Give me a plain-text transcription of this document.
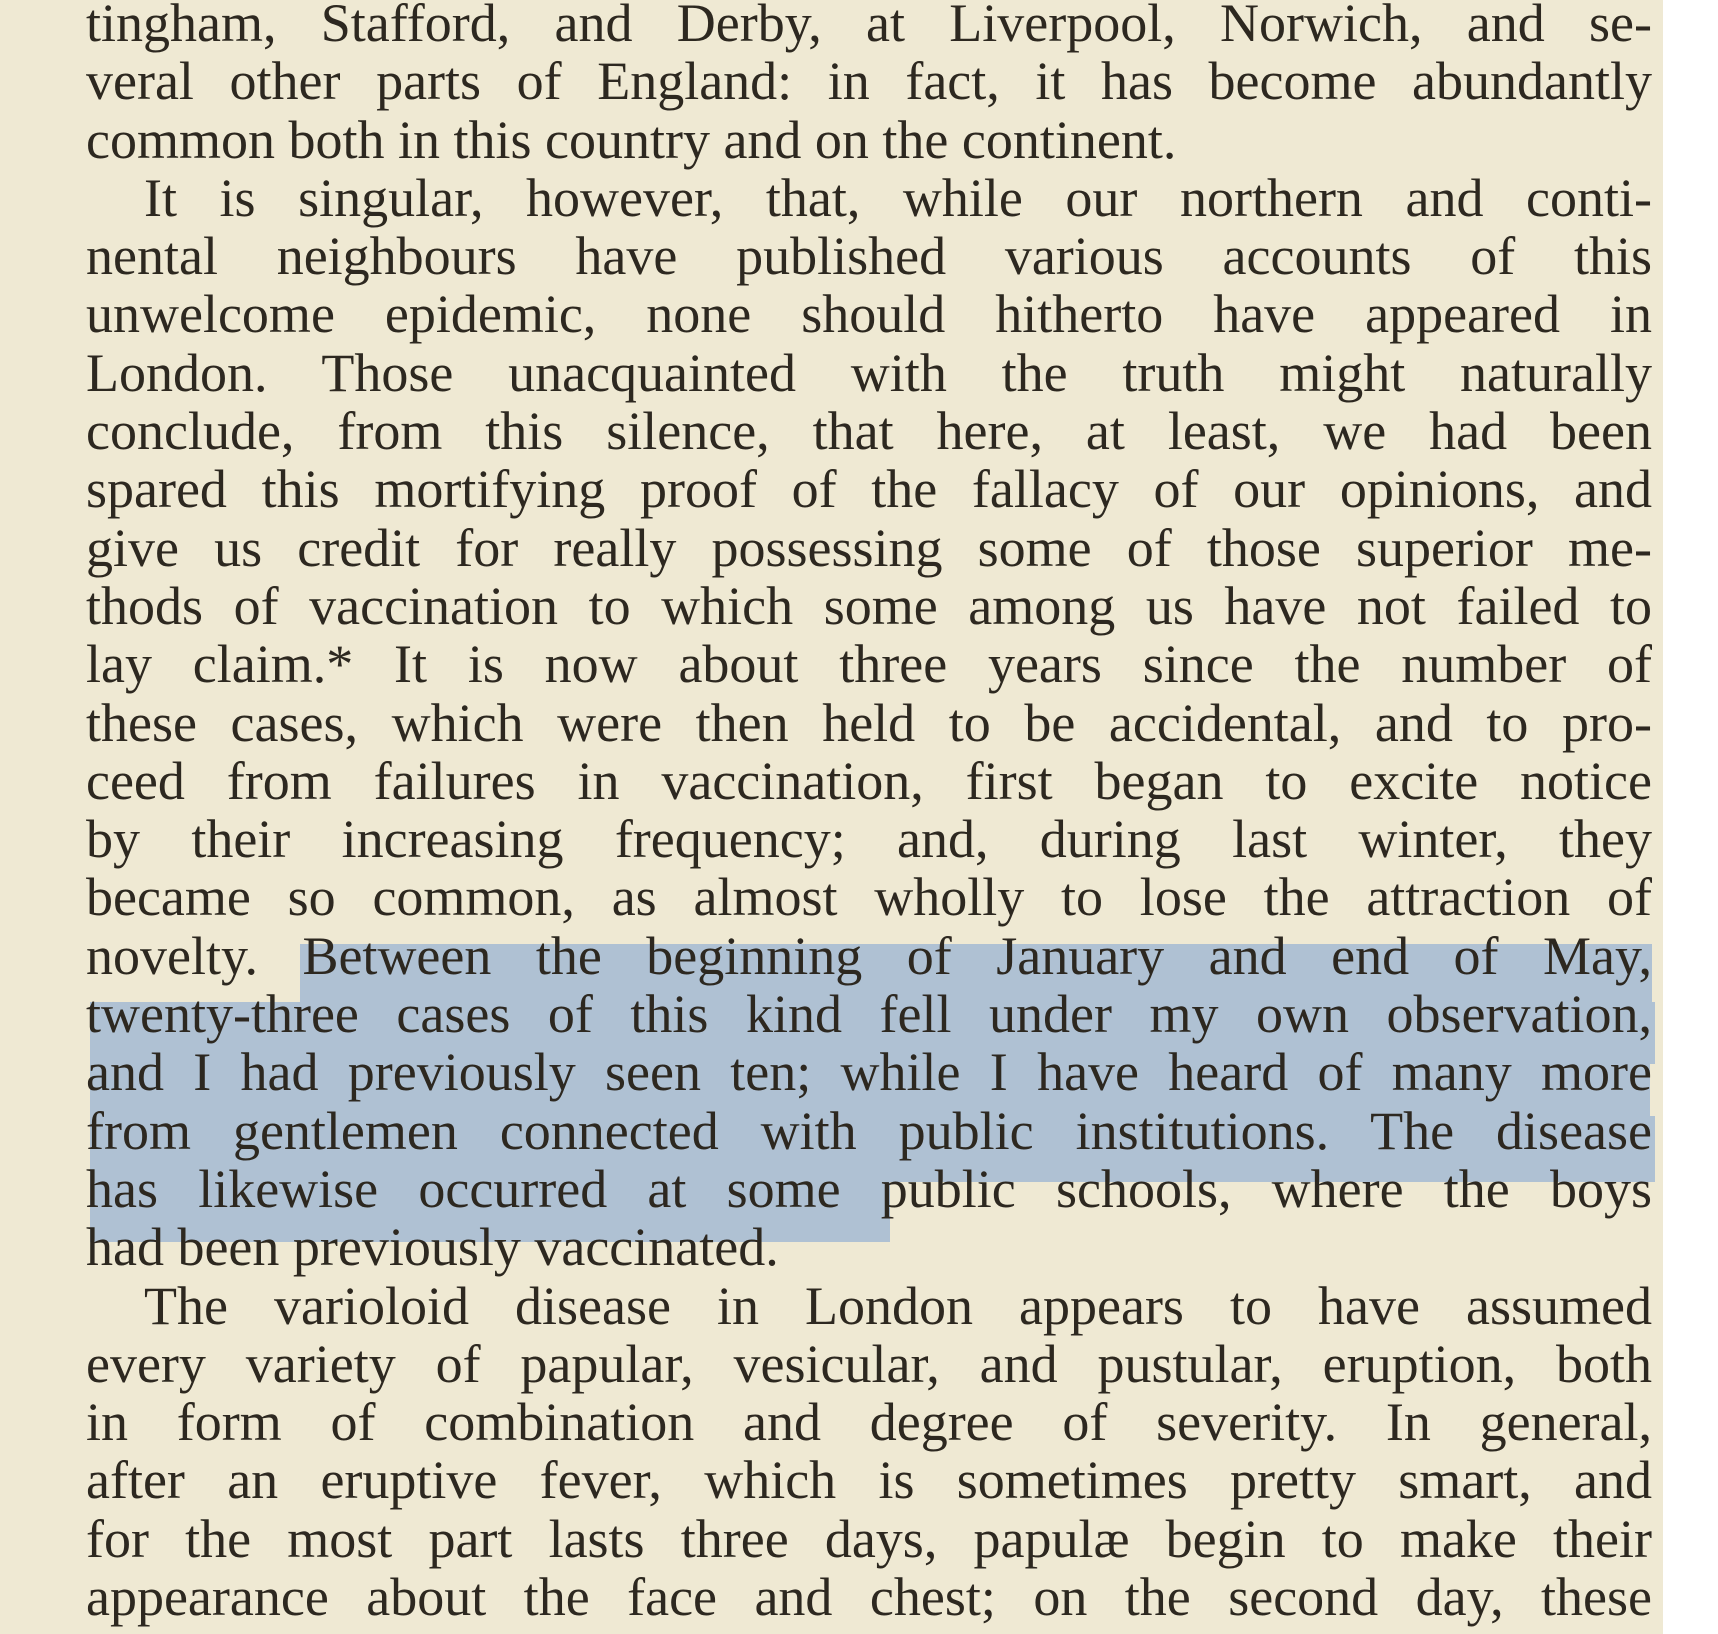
tingham, Stafford, and Derby, at Liverpool, Norwich, and se-
veral other parts of England: in fact, it has become abundantly
common both in this country and on the continent.
It is singular, however, that, while our northern and conti-
nental neighbours have published various accounts of this
unwelcome epidemic, none should hitherto have appeared in
London. Those unacquainted with the truth might naturally
conclude, from this silence, that here, at least, we had been
spared this mortifying proof of the fallacy of our opinions, and
give us credit for really possessing some of those superior me-
thods of vaccination to which some among us have not failed to
lay claim.* It is now about three years since the number of
these cases, which were then held to be accidental, and to pro-
ceed from failures in vaccination, first began to excite notice
by their increasing frequency; and, during last winter, they
became so common, as almost wholly to lose the attraction of
novelty. Between the beginning of January and end of May,
twenty-three cases of this kind fell under my own observation,
and I had previously seen ten; while I have heard of many more
from gentlemen connected with public institutions. The disease
has likewise occurred at some public schools, where the boys
had been previously vaccinated.
The varioloid disease in London appears to have assumed
every variety of papular, vesicular, and pustular, eruption, both
in form of combination and degree of severity. In general,
after an eruptive fever, which is sometimes pretty smart, and
for the most part lasts three days, papulæ begin to make their
appearance about the face and chest; on the second day, these
